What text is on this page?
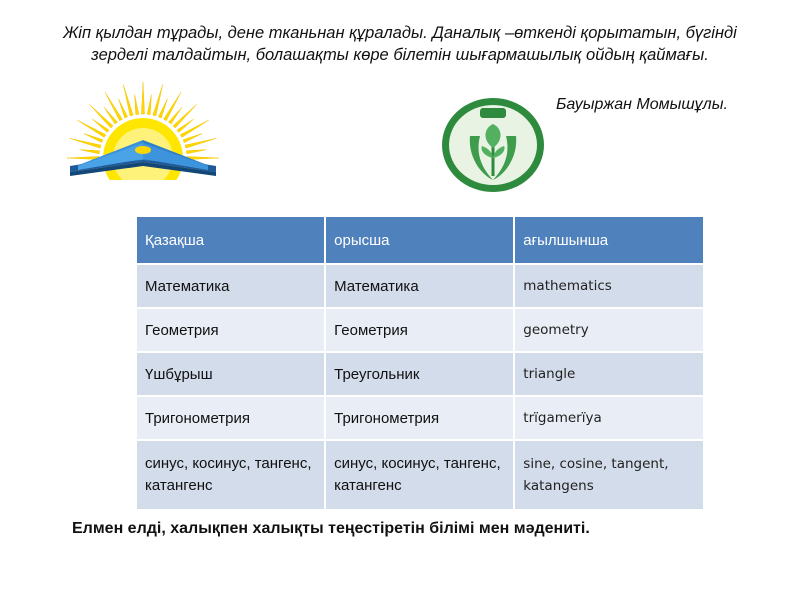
Жіп қылдан тұрады, дене тканьнан құралады. Даналық –өткенді қорытатын, бүгінді зерделі талдайтын, болашақты көре білетін шығармашылық ойдың қаймағы.
Бауыржан Момышұлы.
Қазақша	орысша	ағылшынша
Математика	Математика	mathematics
Геометрия	Геометрия	geometry
Үшбұрыш	Треугольник	triangle
Тригонометрия	Тригонометрия	trïgamerïya
синус, косинус, тангенс, катангенс	синус, косинус, тангенс, катангенс	sine, cosine, tangent, katangens
Елмен елді, халықпен халықты теңестіретін білімі мен мәдениті.
